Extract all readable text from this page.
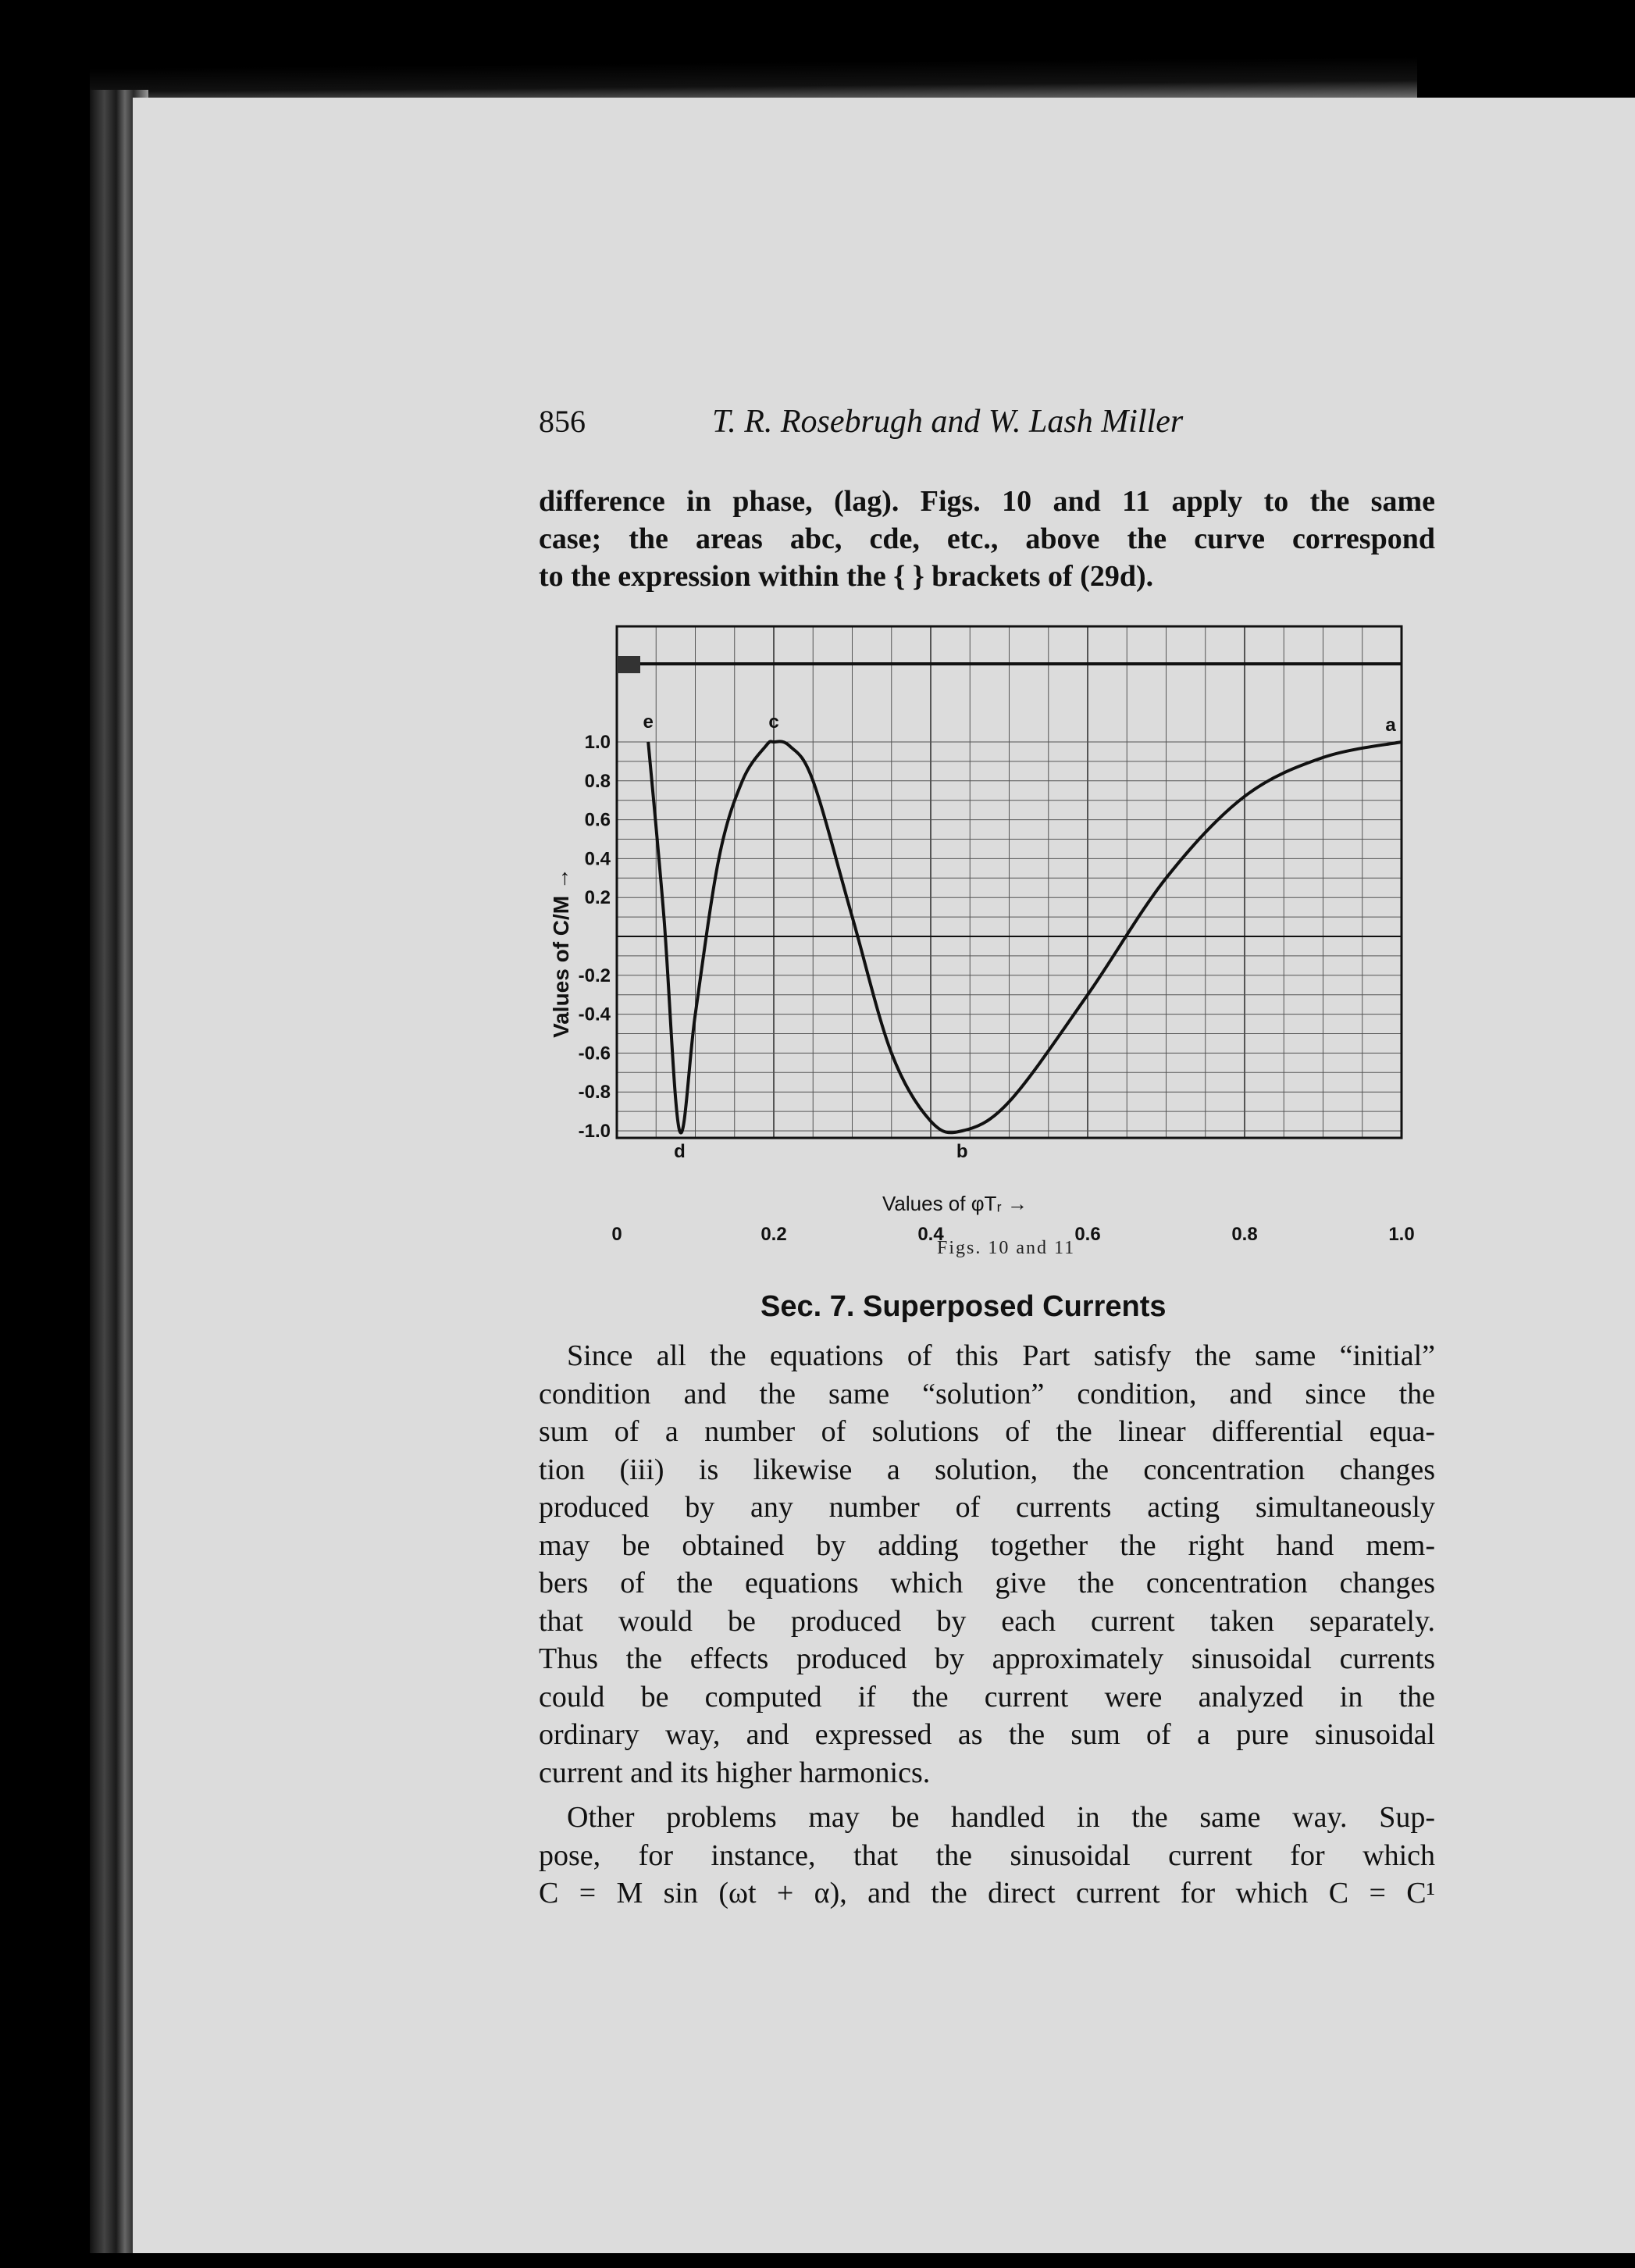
856	T. R. Rosebrugh and W. Lash Miller
difference in phase, (lag). Figs. 10 and 11 apply to the same
case; the areas abc, cde, etc., above the curve correspond
to the expression within the { } brackets of (29d).
1.0
0.8
0.6
0.4
0.2
-0.2
-0.4
-0.6
-0.8
-1.0
0	0.2	0.4	0.6	0.8	1.0
e
d
c
b
a
Values of φTᵣ →
Values of C/M →
Figs. 10 and 11
Sec. 7. Superposed Currents
Since all the equations of this Part satisfy the same “initial”
condition and the same “solution” condition, and since the
sum of a number of solutions of the linear differential equa-
tion (iii) is likewise a solution, the concentration changes
produced by any number of currents acting simultaneously
may be obtained by adding together the right hand mem-
bers of the equations which give the concentration changes
that would be produced by each current taken separately.
Thus the effects produced by approximately sinusoidal currents
could be computed if the current were analyzed in the
ordinary way, and expressed as the sum of a pure sinusoidal
current and its higher harmonics.
Other problems may be handled in the same way. Sup-
pose, for instance, that the sinusoidal current for which
C = M sin (ωt + α), and the direct current for which C = C¹
